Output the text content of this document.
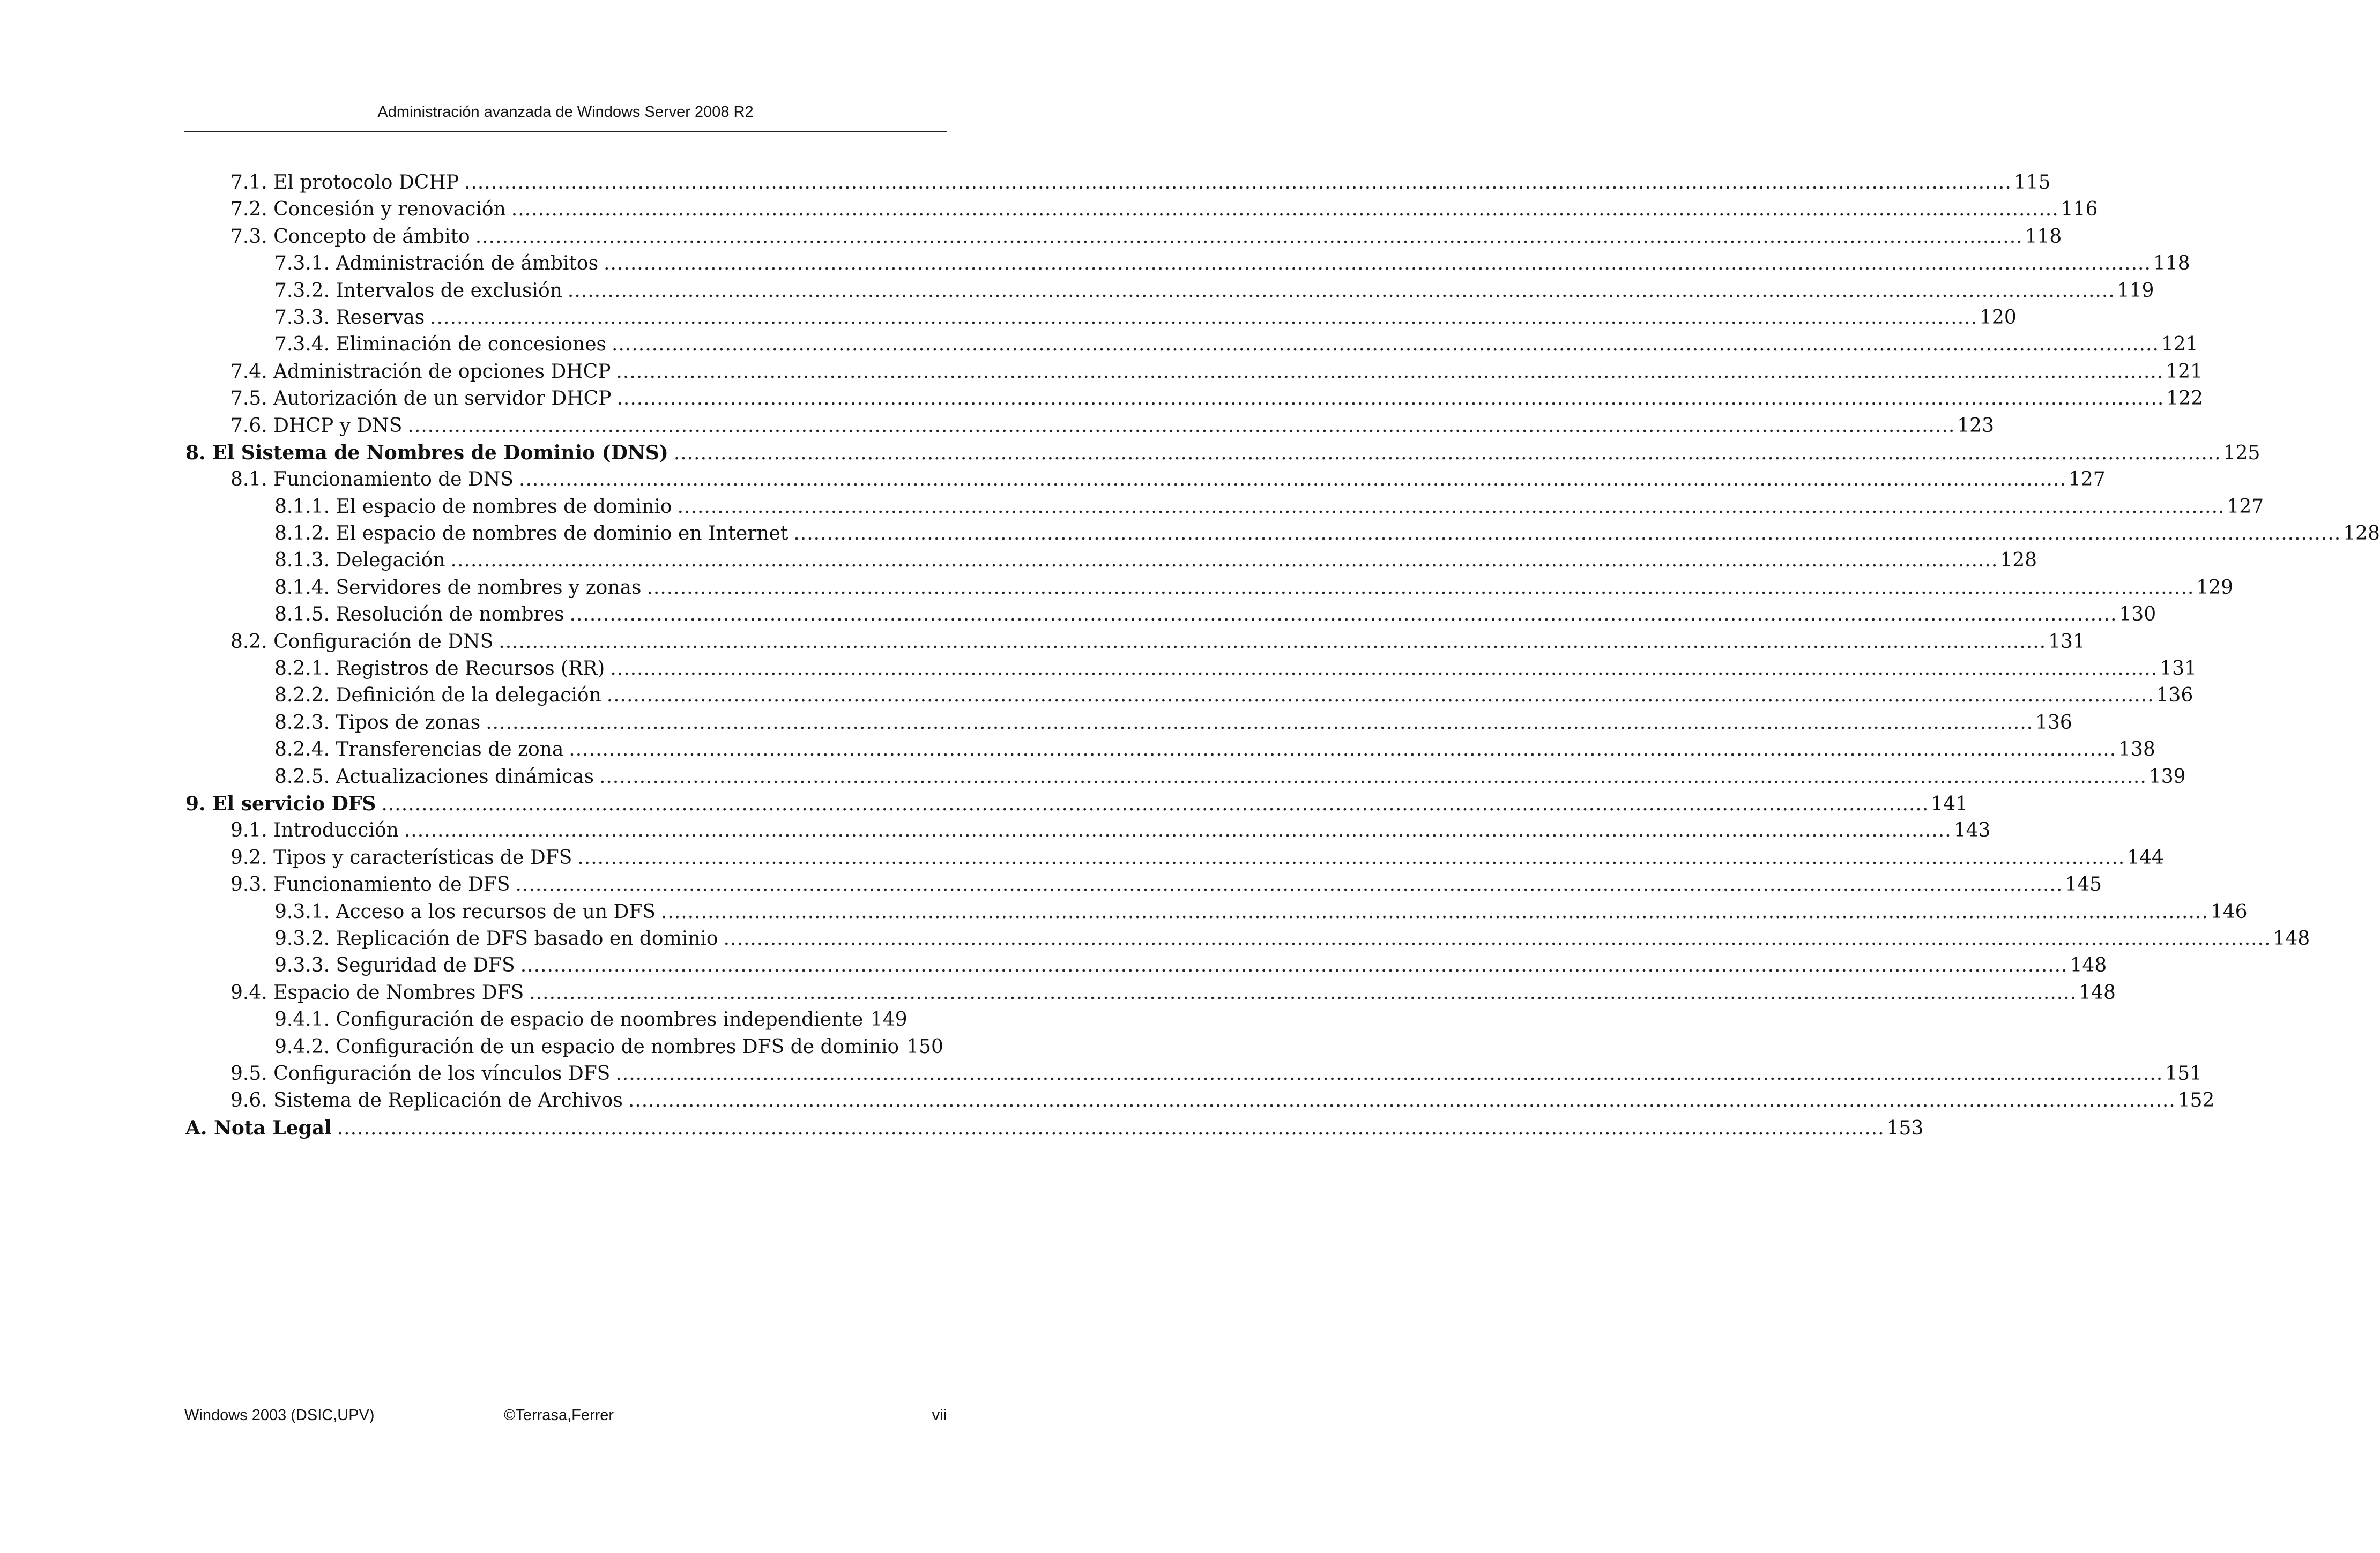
Administración avanzada de Windows Server 2008 R2
7.1. El protocolo DCHP .....	115
7.2. Concesión y renovación .....	116
7.3. Concepto de ámbito .....	118
7.3.1. Administración de ámbitos .....	118
7.3.2. Intervalos de exclusión .....	119
7.3.3. Reservas .....	120
7.3.4. Eliminación de concesiones .....	121
7.4. Administración de opciones DHCP .....	121
7.5. Autorización de un servidor DHCP .....	122
7.6. DHCP y DNS .....	123
8. El Sistema de Nombres de Dominio (DNS) .....	125
8.1. Funcionamiento de DNS .....	127
8.1.1. El espacio de nombres de dominio .....	127
8.1.2. El espacio de nombres de dominio en Internet .....	128
8.1.3. Delegación .....	128
8.1.4. Servidores de nombres y zonas .....	129
8.1.5. Resolución de nombres .....	130
8.2. Configuración de DNS .....	131
8.2.1. Registros de Recursos (RR) .....	131
8.2.2. Definición de la delegación .....	136
8.2.3. Tipos de zonas .....	136
8.2.4. Transferencias de zona .....	138
8.2.5. Actualizaciones dinámicas .....	139
9. El servicio DFS .....	141
9.1. Introducción .....	143
9.2. Tipos y características de DFS .....	144
9.3. Funcionamiento de DFS .....	145
9.3.1. Acceso a los recursos de un DFS .....	146
9.3.2. Replicación de DFS basado en dominio .....	148
9.3.3. Seguridad de DFS .....	148
9.4. Espacio de Nombres DFS .....	148
9.4.1. Configuración de espacio de noombres independiente 149
9.4.2. Configuración de un espacio de nombres DFS de dominio 150
9.5. Configuración de los vínculos DFS .....	151
9.6. Sistema de Replicación de Archivos .....	152
A. Nota Legal .....	153
Windows 2003 (DSIC,UPV)	©Terrasa,Ferrer	vii
